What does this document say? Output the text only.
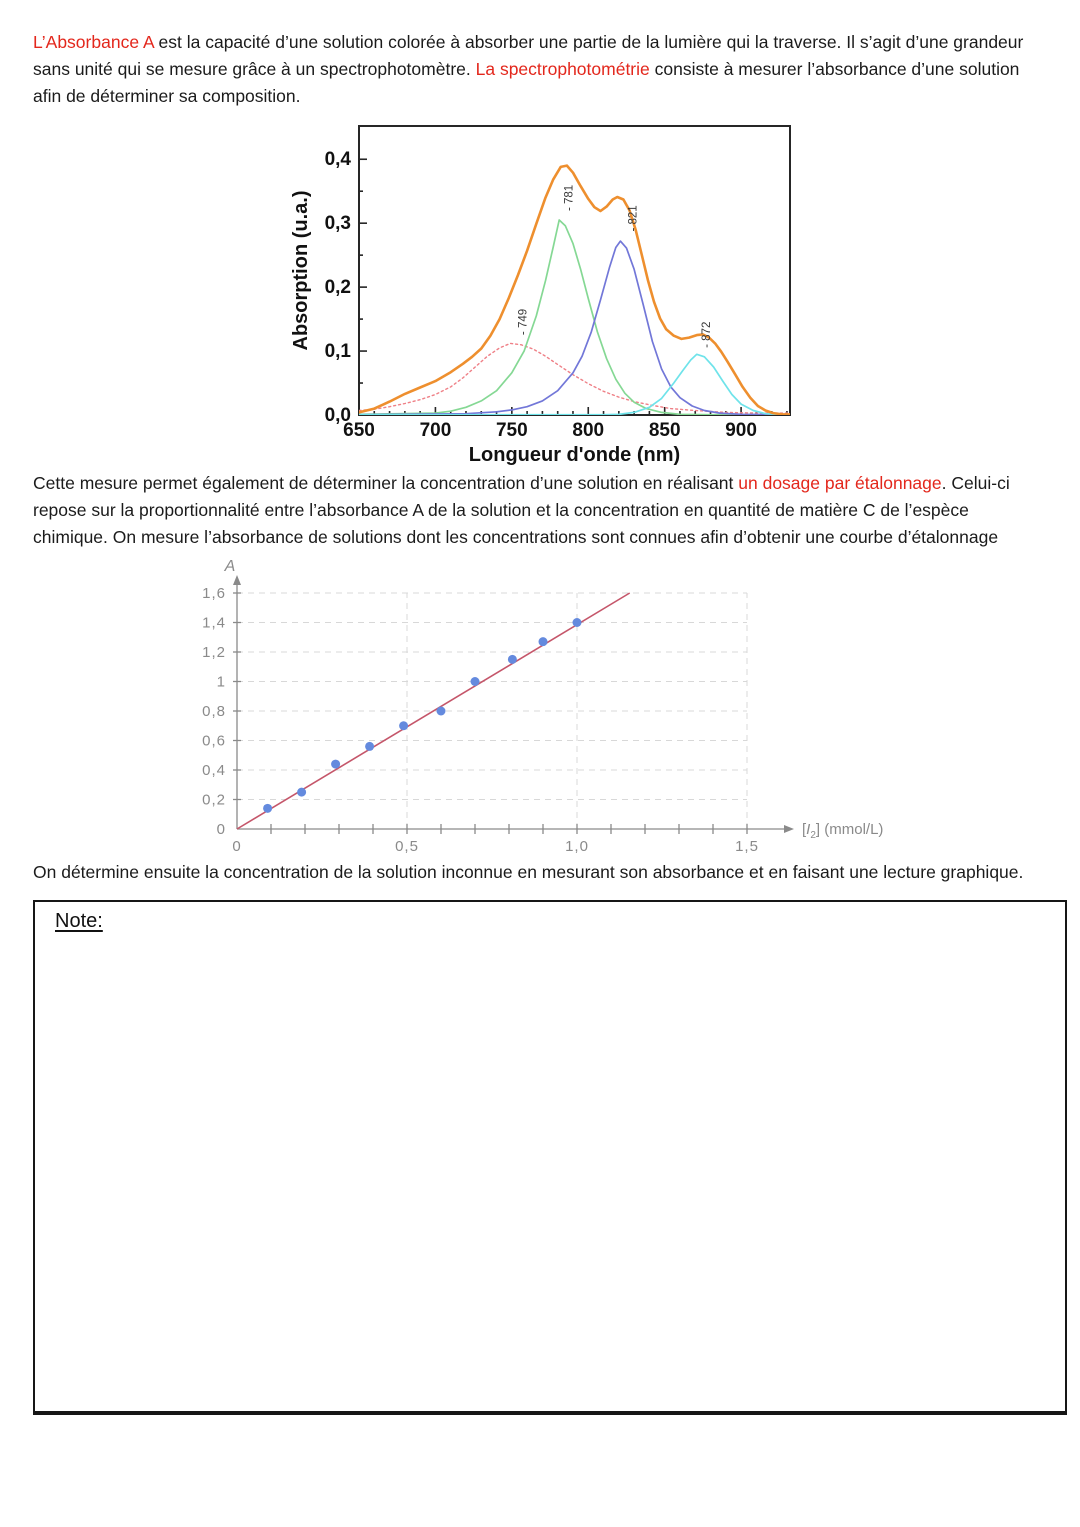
L’Absorbance A est la capacité d’une solution colorée à absorber une partie de la lumière qui la traverse. Il s’agit d’une grandeur sans unité qui se mesure grâce à un spectrophotomètre. La spectrophotométrie consiste à mesurer l’absorbance d’une solution afin de déterminer sa composition.

650 700 750 800 850 900
0,0
0,1
0,2
0,3
0,4
Longueur d'onde (nm)
Absorption (u.a.)	- 749
- 781
- 821
- 872

Cette mesure permet également de déterminer la concentration d’une solution en réalisant un dosage par étalonnage. Celui-ci repose sur la proportionnalité entre l’absorbance A de la solution et la concentration en quantité de matière C de l’espèce chimique. On mesure l’absorbance de solutions dont les concentrations sont connues afin d’obtenir une courbe d’étalonnage

0	0,5	1,0	1,5
0
0,2
0,4
0,6
0,8
1
1,2
1,4
1,6
A
$[I_2]$ (mmol/L)

On détermine ensuite la concentration de la solution inconnue en mesurant son absorbance et en faisant une lecture graphique.

Note:
